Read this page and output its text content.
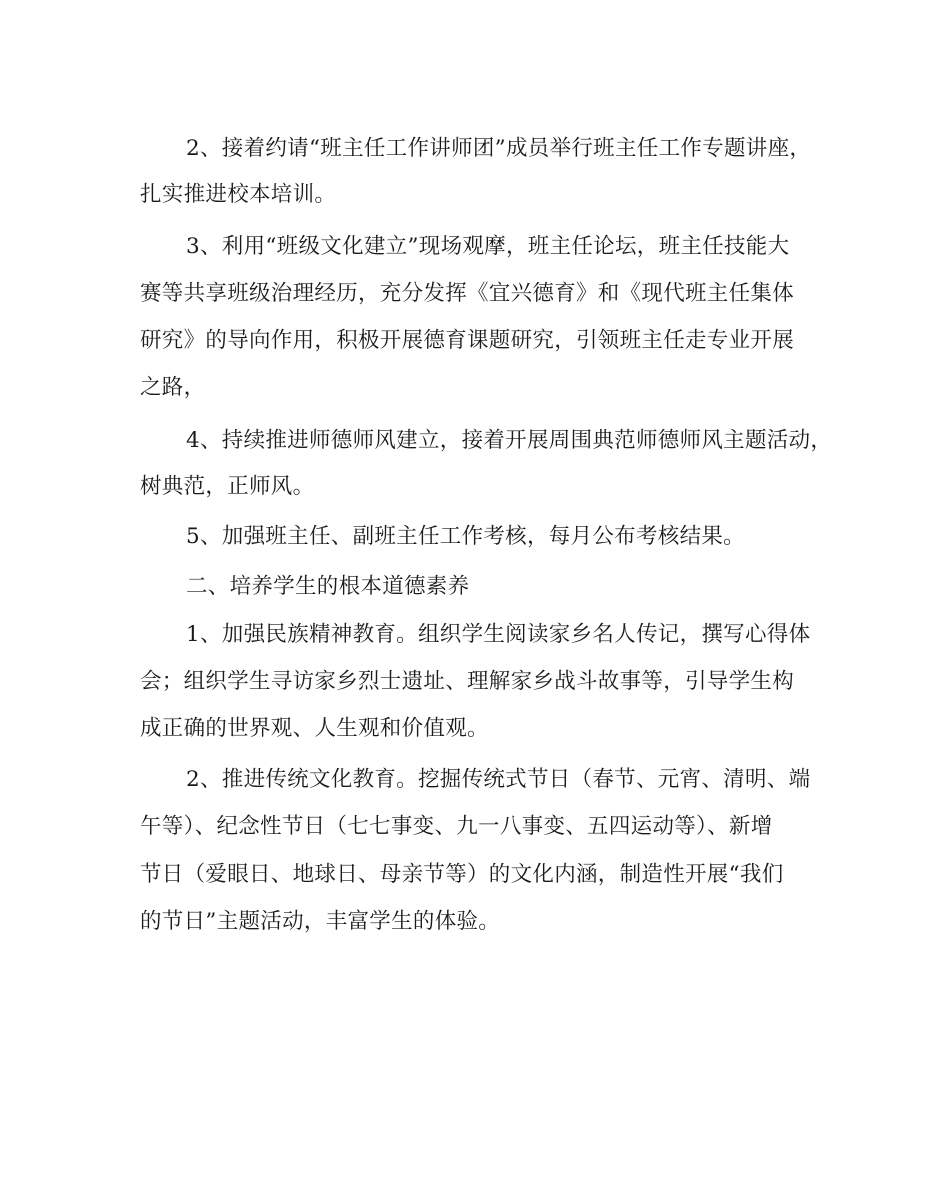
2、接着约请“班主任工作讲师团”成员举行班主任工作专题讲座，

扎实推进校本培训。

3、利用“班级文化建立”现场观摩，班主任论坛，班主任技能大

赛等共享班级治理经历，充分发挥《宜兴德育》和《现代班主任集体

研究》的导向作用，积极开展德育课题研究，引领班主任走专业开展

之路，

4、持续推进师德师风建立，接着开展周围典范师德师风主题活动，

树典范，正师风。

5、加强班主任、副班主任工作考核，每月公布考核结果。

二、培养学生的根本道德素养

1、加强民族精神教育。组织学生阅读家乡名人传记，撰写心得体

会；组织学生寻访家乡烈士遗址、理解家乡战斗故事等，引导学生构

成正确的世界观、人生观和价值观。

2、推进传统文化教育。挖掘传统式节日（春节、元宵、清明、端

午等）、纪念性节日（七七事变、九一八事变、五四运动等）、新增

节日（爱眼日、地球日、母亲节等）的文化内涵，制造性开展“我们

的节日”主题活动，丰富学生的体验。
